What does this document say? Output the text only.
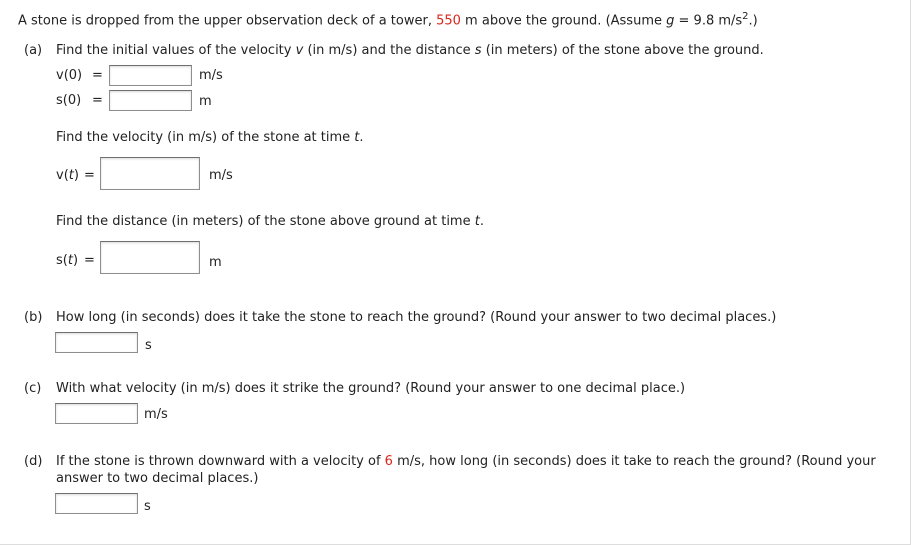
A stone is dropped from the upper observation deck of a tower, 550 m above the ground. (Assume g = 9.8 $m/s^2$.)
(a) Find the initial values of the velocity v (in m/s) and the distance s (in meters) of the stone above the ground.
v(0) =	m/s
s(0) =	m
Find the velocity (in m/s) of the stone at time t.
v(t) =	m/s
Find the distance (in meters) of the stone above ground at time t.
s(t) =	m
(b) How long (in seconds) does it take the stone to reach the ground? (Round your answer to two decimal places.)
s
(c) With what velocity (in m/s) does it strike the ground? (Round your answer to one decimal place.)
m/s
(d) If the stone is thrown downward with a velocity of 6 m/s, how long (in seconds) does it take to reach the ground? (Round your
answer to two decimal places.)
s
